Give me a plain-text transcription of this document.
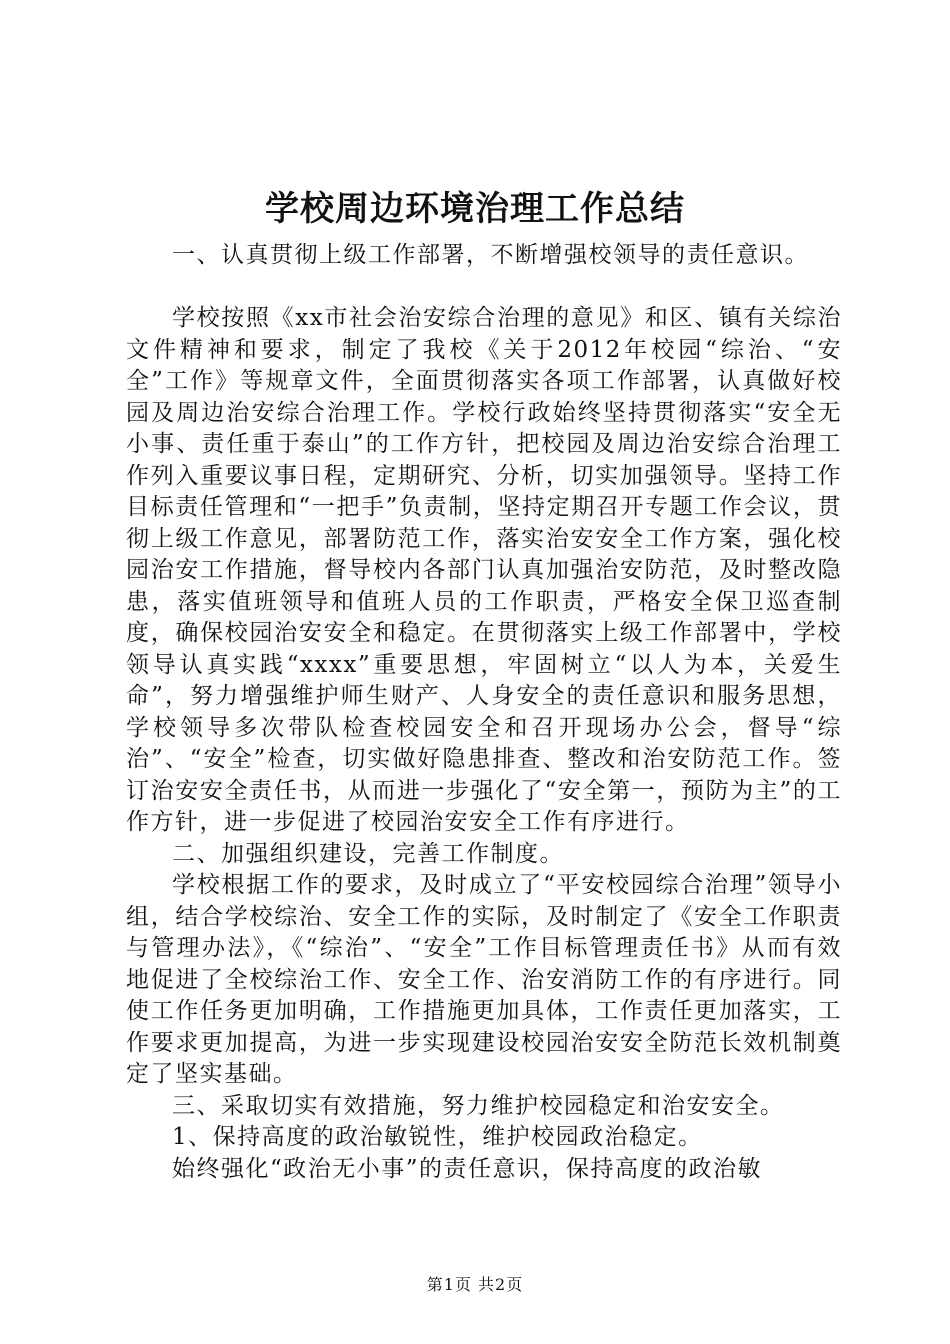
学校周边环境治理工作总结

一、认真贯彻上级工作部署，不断增强校领导的责任意识。

学校按照《xx市社会治安综合治理的意见》和区、镇有关综治文件精神和要求，制定了我校《关于2012年校园“综治、“安全”工作》等规章文件，全面贯彻落实各项工作部署，认真做好校园及周边治安综合治理工作。学校行政始终坚持贯彻落实“安全无小事、责任重于泰山”的工作方针，把校园及周边治安综合治理工作列入重要议事日程，定期研究、分析，切实加强领导。坚持工作目标责任管理和“一把手”负责制，坚持定期召开专题工作会议，贯彻上级工作意见，部署防范工作，落实治安安全工作方案，强化校园治安工作措施，督导校内各部门认真加强治安防范，及时整改隐患，落实值班领导和值班人员的工作职责，严格安全保卫巡查制度，确保校园治安安全和稳定。在贯彻落实上级工作部署中，学校领导认真实践“xxxx”重要思想，牢固树立“以人为本，关爱生命”，努力增强维护师生财产、人身安全的责任意识和服务思想，学校领导多次带队检查校园安全和召开现场办公会，督导“综治”、“安全”检查，切实做好隐患排查、整改和治安防范工作。签订治安安全责任书，从而进一步强化了“安全第一，预防为主”的工作方针，进一步促进了校园治安安全工作有序进行。

二、加强组织建设，完善工作制度。

学校根据工作的要求，及时成立了“平安校园综合治理”领导小组，结合学校综治、安全工作的实际，及时制定了《安全工作职责与管理办法》，《“综治”、“安全”工作目标管理责任书》从而有效地促进了全校综治工作、安全工作、治安消防工作的有序进行。同使工作任务更加明确，工作措施更加具体，工作责任更加落实，工作要求更加提高，为进一步实现建设校园治安安全防范长效机制奠定了坚实基础。

三、采取切实有效措施，努力维护校园稳定和治安安全。

1、保持高度的政治敏锐性，维护校园政治稳定。

始终强化“政治无小事”的责任意识，保持高度的政治敏

第1页 共2页
